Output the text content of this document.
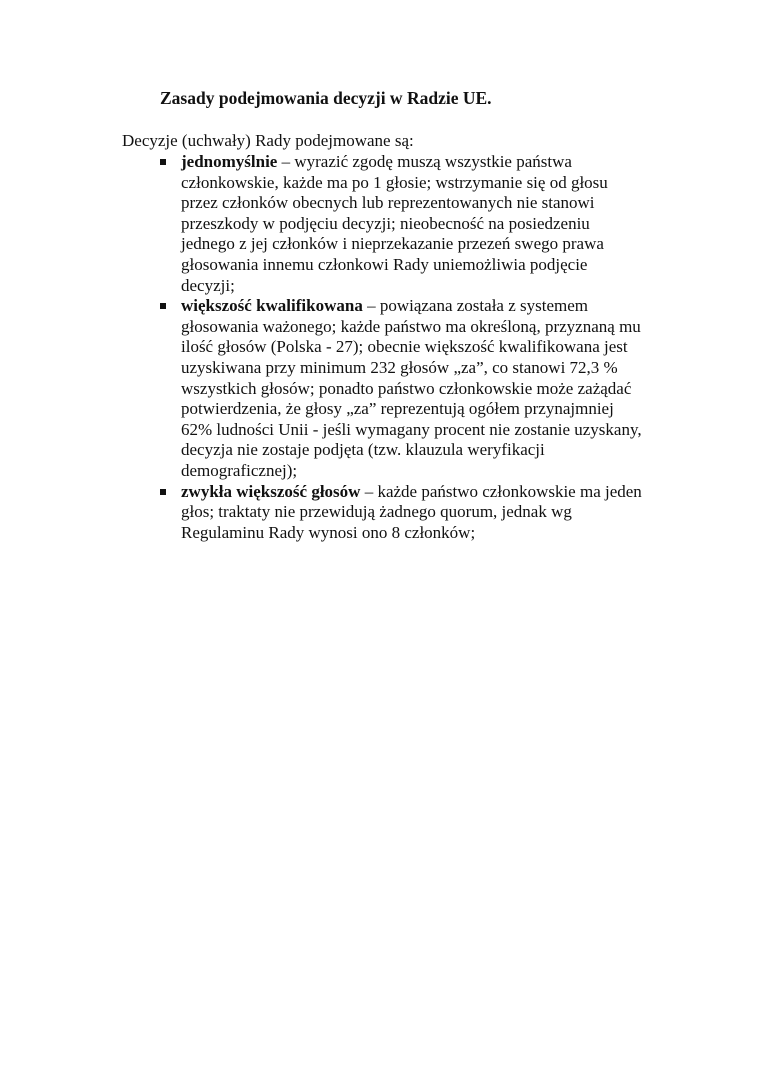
Zasady podejmowania decyzji w Radzie UE.
Decyzje (uchwały) Rady podejmowane są:
jednomyślnie – wyrazić zgodę muszą wszystkie państwa
członkowskie, każde ma po 1 głosie; wstrzymanie się od głosu
przez członków obecnych lub reprezentowanych nie stanowi
przeszkody w podjęciu decyzji; nieobecność na posiedzeniu
jednego z jej członków i nieprzekazanie przezeń swego prawa
głosowania innemu członkowi Rady uniemożliwia podjęcie
decyzji;
większość kwalifikowana – powiązana została z systemem
głosowania ważonego; każde państwo ma określoną, przyznaną mu
ilość głosów (Polska - 27); obecnie większość kwalifikowana jest
uzyskiwana przy minimum 232 głosów „za”, co stanowi 72,3 %
wszystkich głosów; ponadto państwo członkowskie może zażądać
potwierdzenia, że głosy „za” reprezentują ogółem przynajmniej
62% ludności Unii - jeśli wymagany procent nie zostanie uzyskany,
decyzja nie zostaje podjęta (tzw. klauzula weryfikacji
demograficznej);
zwykła większość głosów – każde państwo członkowskie ma jeden
głos; traktaty nie przewidują żadnego quorum, jednak wg
Regulaminu Rady wynosi ono 8 członków;
